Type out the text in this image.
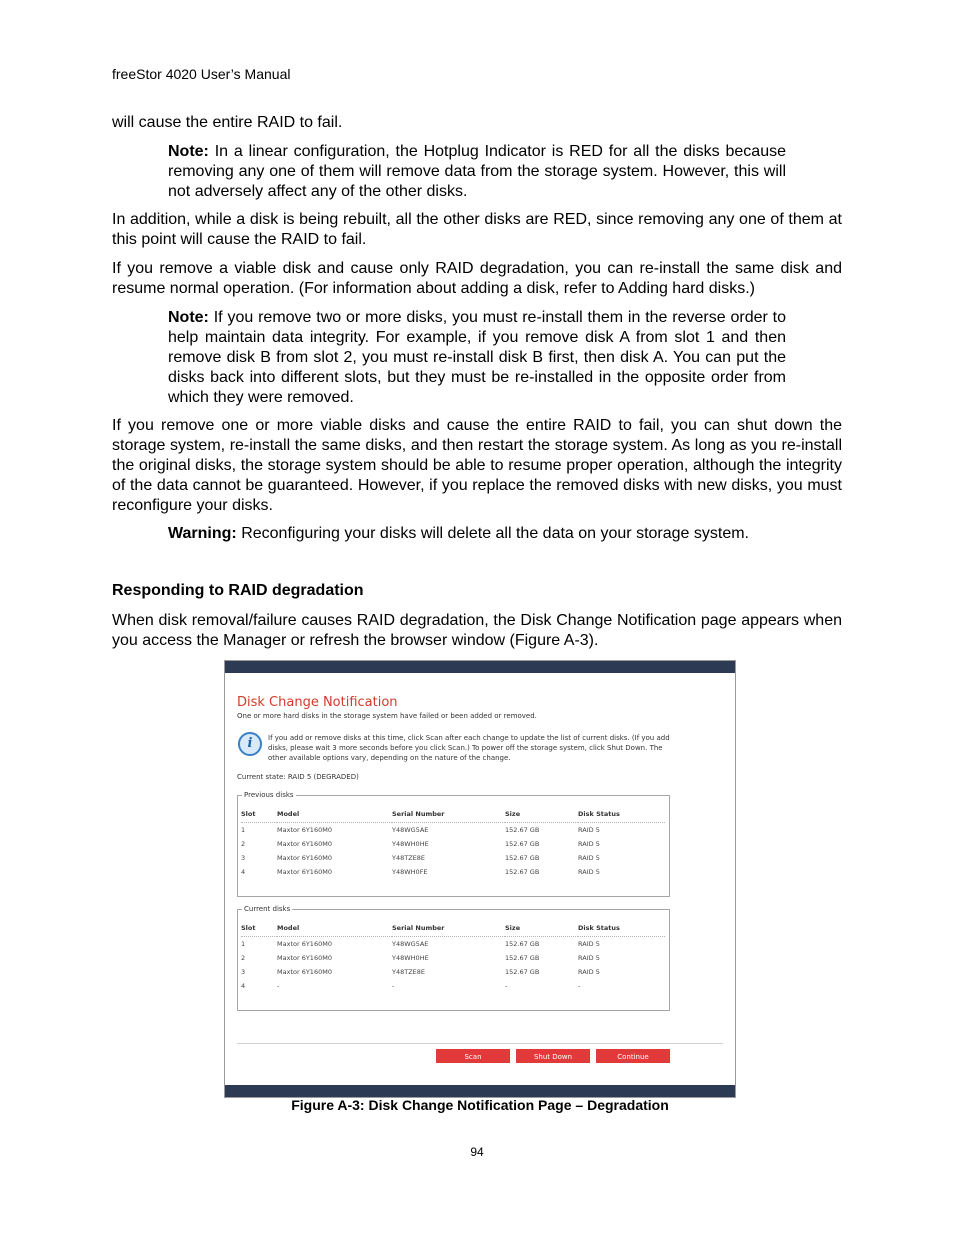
freeStor 4020 User’s Manual

will cause the entire RAID to fail.

Note: In a linear configuration, the Hotplug Indicator is RED for all the disks because removing any one of them will remove data from the storage system. However, this will not adversely affect any of the other disks.

In addition, while a disk is being rebuilt, all the other disks are RED, since removing any one of them at this point will cause the RAID to fail.

If you remove a viable disk and cause only RAID degradation, you can re-install the same disk and resume normal operation. (For information about adding a disk, refer to Adding hard disks.)

Note: If you remove two or more disks, you must re-install them in the reverse order to help maintain data integrity. For example, if you remove disk A from slot 1 and then remove disk B from slot 2, you must re-install disk B first, then disk A. You can put the disks back into different slots, but they must be re-installed in the opposite order from which they were removed.

If you remove one or more viable disks and cause the entire RAID to fail, you can shut down the storage system, re-install the same disks, and then restart the storage system. As long as you re-install the original disks, the storage system should be able to resume proper operation, although the integrity of the data cannot be guaranteed. However, if you replace the removed disks with new disks, you must reconfigure your disks.

Warning: Reconfiguring your disks will delete all the data on your storage system.

Responding to RAID degradation

When disk removal/failure causes RAID degradation, the Disk Change Notification page appears when you access the Manager or refresh the browser window (Figure A-3).

Disk Change Notification
One or more hard disks in the storage system have failed or been added or removed.
i	If you add or remove disks at this time, click Scan after each change to update the list of current disks. (If you add disks, please wait 3 more seconds before you click Scan.) To power off the storage system, click Shut Down. The other available options vary, depending on the nature of the change.
Current state: RAID 5 (DEGRADED)
Previous disks
Slot	Model	Serial Number	Size	Disk Status
1	Maxtor 6Y160M0	Y48WG5AE	152.67 GB	RAID 5
2	Maxtor 6Y160M0	Y48WH0HE	152.67 GB	RAID 5
3	Maxtor 6Y160M0	Y48TZE8E	152.67 GB	RAID 5
4	Maxtor 6Y160M0	Y48WH0FE	152.67 GB	RAID 5
Current disks
Slot	Model	Serial Number	Size	Disk Status
1	Maxtor 6Y160M0	Y48WG5AE	152.67 GB	RAID 5
2	Maxtor 6Y160M0	Y48WH0HE	152.67 GB	RAID 5
3	Maxtor 6Y160M0	Y48TZE8E	152.67 GB	RAID 5
4	-	-	-	-
Scan	Shut Down	Continue
Figure A-3: Disk Change Notification Page – Degradation
94
